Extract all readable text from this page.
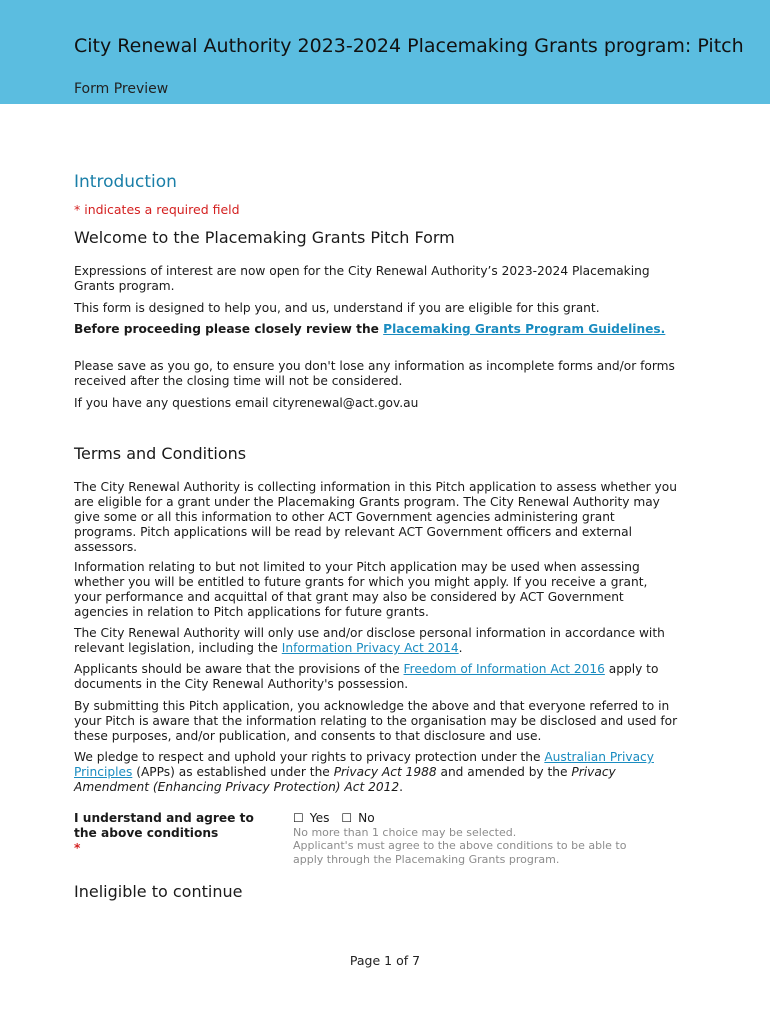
City Renewal Authority 2023-2024 Placemaking Grants program: Pitch
Form Preview
Introduction
* indicates a required field
Welcome to the Placemaking Grants Pitch Form

Expressions of interest are now open for the City Renewal Authority’s 2023-2024 Placemaking Grants program.

This form is designed to help you, and us, understand if you are eligible for this grant.

Before proceeding please closely review the Placemaking Grants Program Guidelines.

Please save as you go, to ensure you don't lose any information as incomplete forms and/or forms received after the closing time will not be considered.

If you have any questions email cityrenewal@act.gov.au

Terms and Conditions

The City Renewal Authority is collecting information in this Pitch application to assess whether you are eligible for a grant under the Placemaking Grants program. The City Renewal Authority may give some or all this information to other ACT Government agencies administering grant programs. Pitch applications will be read by relevant ACT Government officers and external assessors.

Information relating to but not limited to your Pitch application may be used when assessing whether you will be entitled to future grants for which you might apply. If you receive a grant, your performance and acquittal of that grant may also be considered by ACT Government agencies in relation to Pitch applications for future grants.

The City Renewal Authority will only use and/or disclose personal information in accordance with relevant legislation, including the Information Privacy Act 2014.

Applicants should be aware that the provisions of the Freedom of Information Act 2016 apply to documents in the City Renewal Authority's possession.

By submitting this Pitch application, you acknowledge the above and that everyone referred to in your Pitch is aware that the information relating to the organisation may be disclosed and used for these purposes, and/or publication, and consents to that disclosure and use.

We pledge to respect and uphold your rights to privacy protection under the Australian Privacy Principles (APPs) as established under the Privacy Act 1988 and amended by the Privacy Amendment (Enhancing Privacy Protection) Act 2012.

I understand and agree to the above conditions
*
☐ Yes ☐ No
No more than 1 choice may be selected.
Applicant's must agree to the above conditions to be able to apply through the Placemaking Grants program.
Ineligible to continue
Page 1 of 7
